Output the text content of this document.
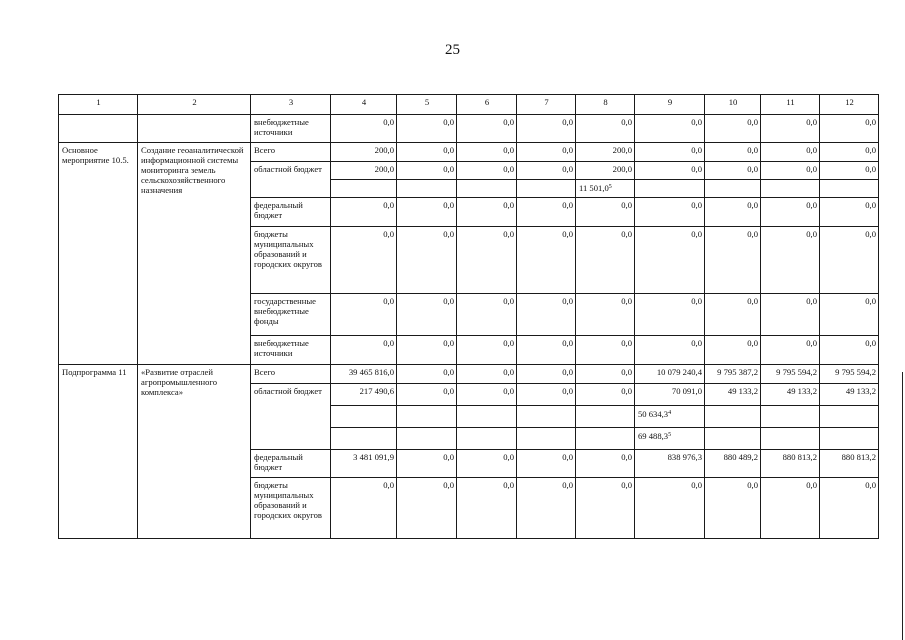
25
1	2	3	4	5	6	7	8	9	10	11	12
		внебюджетные источники	0,0	0,0	0,0	0,0	0,0	0,0	0,0	0,0	0,0
Основное мероприятие 10.5.	Создание геоаналитической информационной системы мониторинга земель сельскохозяйственного назначения	Всего	200,0	0,0	0,0	0,0	200,0	0,0	0,0	0,0	0,0
		областной бюджет	200,0	0,0	0,0	0,0	200,0	0,0	0,0	0,0	0,0
							11 501,0$^5$				
		федеральный бюджет	0,0	0,0	0,0	0,0	0,0	0,0	0,0	0,0	0,0
		бюджеты муниципальных образований и городских округов	0,0	0,0	0,0	0,0	0,0	0,0	0,0	0,0	0,0
		государственные внебюджетные фонды	0,0	0,0	0,0	0,0	0,0	0,0	0,0	0,0	0,0
		внебюджетные источники	0,0	0,0	0,0	0,0	0,0	0,0	0,0	0,0	0,0
Подпрограмма 11	«Развитие отраслей агропромышленного комплекса»	Всего	39 465 816,0	0,0	0,0	0,0	0,0	10 079 240,4	9 795 387,2	9 795 594,2	9 795 594,2
		областной бюджет	217 490,6	0,0	0,0	0,0	0,0	70 091,0	49 133,2	49 133,2	49 133,2
								50 634,3$^4$			
								69 488,3$^5$			
		федеральный бюджет	3 481 091,9	0,0	0,0	0,0	0,0	838 976,3	880 489,2	880 813,2	880 813,2
		бюджеты муниципальных образований и городских округов	0,0	0,0	0,0	0,0	0,0	0,0	0,0	0,0	0,0
